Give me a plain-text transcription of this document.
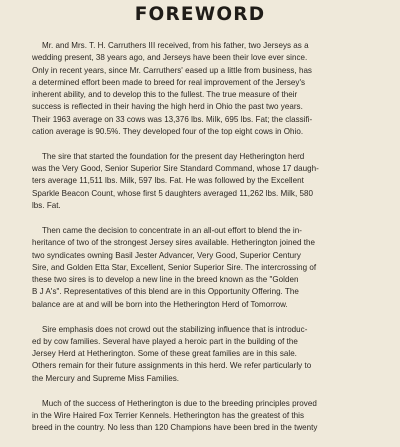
FOREWORD
Mr. and Mrs. T. H. Carruthers III received, from his father, two Jerseys as a
wedding present, 38 years ago, and Jerseys have been their love ever since.
Only in recent years, since Mr. Carruthers' eased up a little from business, has
a determined effort been made to breed for real improvement of the Jersey's
inherent ability, and to develop this to the fullest. The true measure of their
success is reflected in their having the high herd in Ohio the past two years.
Their 1963 average on 33 cows was 13,376 lbs. Milk, 695 lbs. Fat; the classifi-
cation average is 90.5%. They developed four of the top eight cows in Ohio.
The sire that started the foundation for the present day Hetherington herd
was the Very Good, Senior Superior Sire Standard Command, whose 17 daugh-
ters average 11,511 lbs. Milk, 597 lbs. Fat. He was followed by the Excellent
Sparkle Beacon Count, whose first 5 daughters averaged 11,262 lbs. Milk, 580
lbs. Fat.
Then came the decision to concentrate in an all-out effort to blend the in-
heritance of two of the strongest Jersey sires available. Hetherington joined the
two syndicates owning Basil Jester Advancer, Very Good, Superior Century
Sire, and Golden Etta Star, Excellent, Senior Superior Sire. The intercrossing of
these two sires is to develop a new line in the breed known as the "Golden
B J A's". Representatives of this blend are in this Opportunity Offering. The
balance are at and will be born into the Hetherington Herd of Tomorrow.
Sire emphasis does not crowd out the stabilizing influence that is introduc-
ed by cow families. Several have played a heroic part in the building of the
Jersey Herd at Hetherington. Some of these great families are in this sale.
Others remain for their future assignments in this herd. We refer particularly to
the Mercury and Supreme Miss Families.
Much of the success of Hetherington is due to the breeding principles proved
in the Wire Haired Fox Terrier Kennels. Hetherington has the greatest of this
breed in the country. No less than 120 Champions have been bred in the twenty
